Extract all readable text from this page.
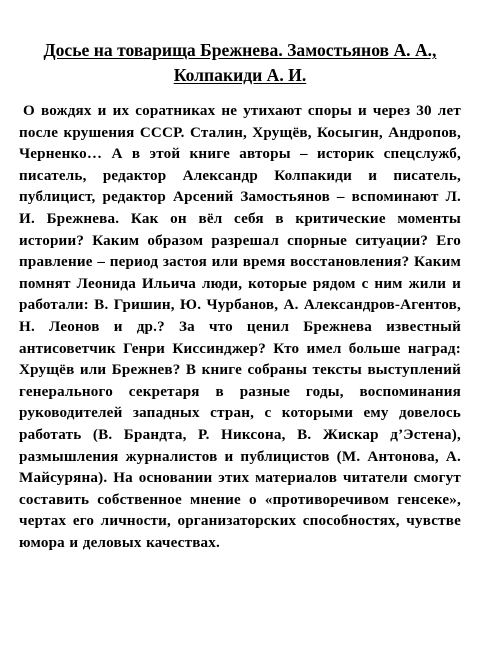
Досье на товарища Брежнева. Замостьянов А. А., Колпакиди А. И.

О вождях и их соратниках не утихают споры и через 30 лет после крушения СССР. Сталин, Хрущёв, Косыгин, Андропов, Черненко… А в этой книге авторы – историк спецслужб, писатель, редактор Александр Колпакиди и писатель, публицист, редактор Арсений Замостьянов – вспоминают Л. И. Брежнева. Как он вёл себя в критические моменты истории? Каким образом разрешал спорные ситуации? Его правление – период застоя или время восстановления? Каким помнят Леонида Ильича люди, которые рядом с ним жили и работали: В. Гришин, Ю. Чурбанов, А. Александров-Агентов, Н. Леонов и др.? За что ценил Брежнева известный антисоветчик Генри Киссинджер? Кто имел больше наград: Хрущёв или Брежнев? В книге собраны тексты выступлений генерального секретаря в разные годы, воспоминания руководителей западных стран, с которыми ему довелось работать (В. Брандта, Р. Никсона, В. Жискар д’Эстена), размышления журналистов и публицистов (М. Антонова, А. Майсуряна). На основании этих материалов читатели смогут составить собственное мнение о «противоречивом генсеке», чертах его личности, организаторских способностях, чувстве юмора и деловых качествах.
